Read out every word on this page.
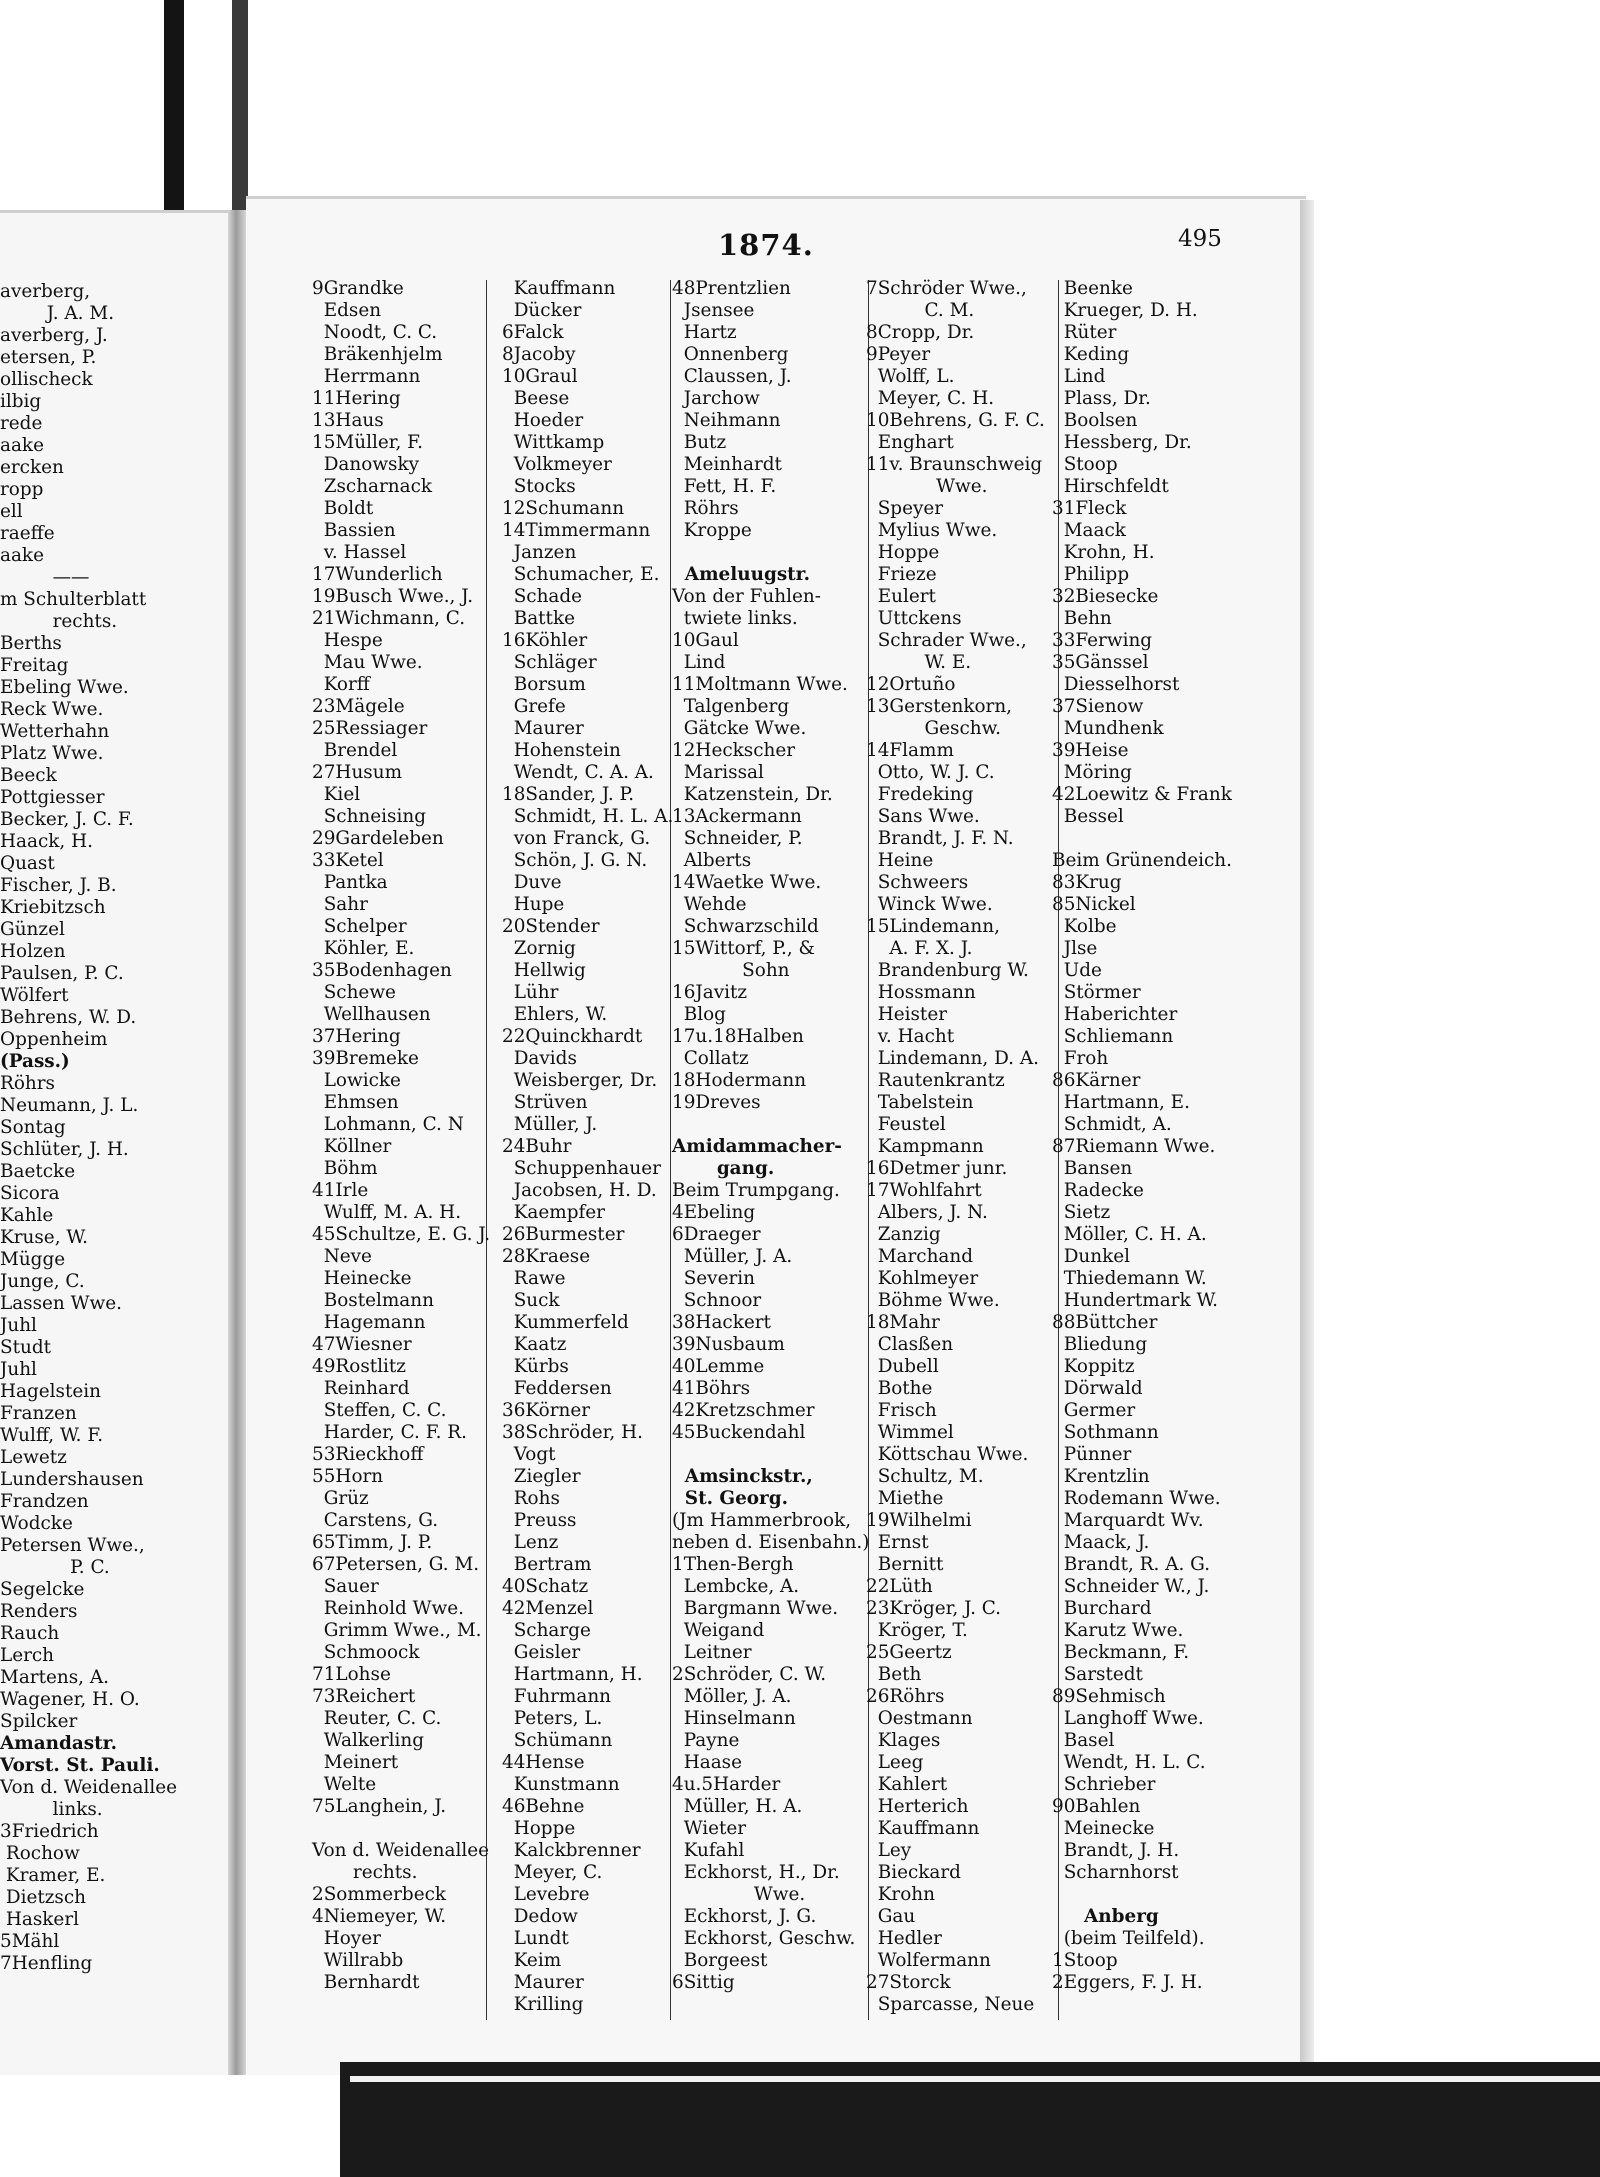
averberg,
J. A. M.
averberg, J.
etersen, P.
ollischeck
ilbig
rede
aake
ercken
ropp
ell
raeffe
aake
——
m Schulterblatt
rechts.
Berths
Freitag
Ebeling Wwe.
Reck Wwe.
Wetterhahn
Platz Wwe.
Beeck
Pottgiesser
Becker, J. C. F.
Haack, H.
Quast
Fischer, J. B.
Kriebitzsch
Günzel
Holzen
Paulsen, P. C.
Wölfert
Behrens, W. D.
Oppenheim
(Pass.)
Röhrs
Neumann, J. L.
Sontag
Schlüter, J. H.
Baetcke
Sicora
Kahle
Kruse, W.
Mügge
Junge, C.
Lassen Wwe.
Juhl
Studt
Juhl
Hagelstein
Franzen
Wulff, W. F.
Lewetz
Lundershausen
Frandzen
Wodcke
Petersen Wwe.,
P. C.
Segelcke
Renders
Rauch
Lerch
Martens, A.
Wagener, H. O.
Spilcker
Amandastr.
Vorst. St. Pauli.
Von d. Weidenallee
links.
3Friedrich
Rochow
Kramer, E.
Dietzsch
Haskerl
5Mähl
7Henfling
1874.	495
9Grandke
Edsen
Noodt, C. C.
Bräkenhjelm
Herrmann
11Hering
13Haus
15Müller, F.
Danowsky
Zscharnack
Boldt
Bassien
v. Hassel
17Wunderlich
19Busch Wwe., J.
21Wichmann, C.
Hespe
Mau Wwe.
Korff
23Mägele
25Ressiager
Brendel
27Husum
Kiel
Schneising
29Gardeleben
33Ketel
Pantka
Sahr
Schelper
Köhler, E.
35Bodenhagen
Schewe
Wellhausen
37Hering
39Bremeke
Lowicke
Ehmsen
Lohmann, C. N
Köllner
Böhm
41Irle
Wulff, M. A. H.
45Schultze, E. G. J.
Neve
Heinecke
Bostelmann
Hagemann
47Wiesner
49Rostlitz
Reinhard
Steffen, C. C.
Harder, C. F. R.
53Rieckhoff
55Horn
Grüz
Carstens, G.
65Timm, J. P.
67Petersen, G. M.
Sauer
Reinhold Wwe.
Grimm Wwe., M.
Schmoock
71Lohse
73Reichert
Reuter, C. C.
Walkerling
Meinert
Welte
75Langhein, J.
Von d. Weidenallee
rechts.
2Sommerbeck
4Niemeyer, W.
Hoyer
Willrabb
Bernhardt
Kauffmann
Dücker
6Falck
8Jacoby
10Graul
Beese
Hoeder
Wittkamp
Volkmeyer
Stocks
12Schumann
14Timmermann
Janzen
Schumacher, E.
Schade
Battke
16Köhler
Schläger
Borsum
Grefe
Maurer
Hohenstein
Wendt, C. A. A.
18Sander, J. P.
Schmidt, H. L. A.
von Franck, G.
Schön, J. G. N.
Duve
Hupe
20Stender
Zornig
Hellwig
Lühr
Ehlers, W.
22Quinckhardt
Davids
Weisberger, Dr.
Strüven
Müller, J.
24Buhr
Schuppenhauer
Jacobsen, H. D.
Kaempfer
26Burmester
28Kraese
Rawe
Suck
Kummerfeld
Kaatz
Kürbs
Feddersen
36Körner
38Schröder, H.
Vogt
Ziegler
Rohs
Preuss
Lenz
Bertram
40Schatz
42Menzel
Scharge
Geisler
Hartmann, H.
Fuhrmann
Peters, L.
Schümann
44Hense
Kunstmann
46Behne
Hoppe
Kalckbrenner
Meyer, C.
Levebre
Dedow
Lundt
Keim
Maurer
Krilling
48Prentzlien
Jsensee
Hartz
Onnenberg
Claussen, J.
Jarchow
Neihmann
Butz
Meinhardt
Fett, H. F.
Röhrs
Kroppe
Ameluugstr.
Von der Fuhlen-
twiete links.
10Gaul
Lind
11Moltmann Wwe.
Talgenberg
Gätcke Wwe.
12Heckscher
Marissal
Katzenstein, Dr.
13Ackermann
Schneider, P.
Alberts
14Waetke Wwe.
Wehde
Schwarzschild
15Wittorf, P., &
Sohn
16Javitz
Blog
17u.18Halben
Collatz
18Hodermann
19Dreves
Amidammacher-
gang.
Beim Trumpgang.
4Ebeling
6Draeger
Müller, J. A.
Severin
Schnoor
38Hackert
39Nusbaum
40Lemme
41Böhrs
42Kretzschmer
45Buckendahl
Amsinckstr.,
St. Georg.
(Jm Hammerbrook,
neben d. Eisenbahn.)
1Then-Bergh
Lembcke, A.
Bargmann Wwe.
Weigand
Leitner
2Schröder, C. W.
Möller, J. A.
Hinselmann
Payne
Haase
4u.5Harder
Müller, H. A.
Wieter
Kufahl
Eckhorst, H., Dr.
Wwe.
Eckhorst, J. G.
Eckhorst, Geschw.
Borgeest
6Sittig
7Schröder Wwe.,
C. M.
8Cropp, Dr.
9Peyer
Wolff, L.
Meyer, C. H.
10Behrens, G. F. C.
Enghart
11v. Braunschweig
Wwe.
Speyer
Mylius Wwe.
Hoppe
Frieze
Eulert
Uttckens
Schrader Wwe.,
W. E.
12Ortuño
13Gerstenkorn,
Geschw.
14Flamm
Otto, W. J. C.
Fredeking
Sans Wwe.
Brandt, J. F. N.
Heine
Schweers
Winck Wwe.
15Lindemann,
A. F. X. J.
Brandenburg W.
Hossmann
Heister
v. Hacht
Lindemann, D. A.
Rautenkrantz
Tabelstein
Feustel
Kampmann
16Detmer junr.
17Wohlfahrt
Albers, J. N.
Zanzig
Marchand
Kohlmeyer
Böhme Wwe.
18Mahr
Clasßen
Dubell
Bothe
Frisch
Wimmel
Köttschau Wwe.
Schultz, M.
Miethe
19Wilhelmi
Ernst
Bernitt
22Lüth
23Kröger, J. C.
Kröger, T.
25Geertz
Beth
26Röhrs
Oestmann
Klages
Leeg
Kahlert
Herterich
Kauffmann
Ley
Bieckard
Krohn
Gau
Hedler
Wolfermann
27Storck
Sparcasse, Neue
Beenke
Krueger, D. H.
Rüter
Keding
Lind
Plass, Dr.
Boolsen
Hessberg, Dr.
Stoop
Hirschfeldt
31Fleck
Maack
Krohn, H.
Philipp
32Biesecke
Behn
33Ferwing
35Gänssel
Diesselhorst
37Sienow
Mundhenk
39Heise
Möring
42Loewitz & Frank
Bessel
Beim Grünendeich.
83Krug
85Nickel
Kolbe
Jlse
Ude
Störmer
Haberichter
Schliemann
Froh
86Kärner
Hartmann, E.
Schmidt, A.
87Riemann Wwe.
Bansen
Radecke
Sietz
Möller, C. H. A.
Dunkel
Thiedemann W.
Hundertmark W.
88Büttcher
Bliedung
Koppitz
Dörwald
Germer
Sothmann
Pünner
Krentzlin
Rodemann Wwe.
Marquardt Wv.
Maack, J.
Brandt, R. A. G.
Schneider W., J.
Burchard
Karutz Wwe.
Beckmann, F.
Sarstedt
89Sehmisch
Langhoff Wwe.
Basel
Wendt, H. L. C.
Schrieber
90Bahlen
Meinecke
Brandt, J. H.
Scharnhorst
Anberg
(beim Teilfeld).
1Stoop
2Eggers, F. J. H.
